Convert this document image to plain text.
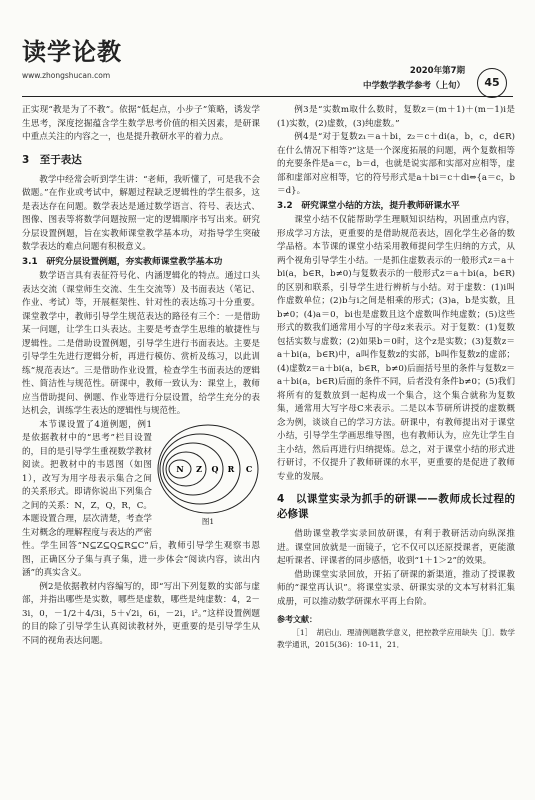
读学论教
www.zhongshucan.com	2020年第7期
中学数学教学参考（上旬）	45

正实现“教是为了不教”。依据“低起点，小步子”策略，诱发学生思考，深度挖掘蕴含学生数学思考价值的相关因素，是研课中重点关注的内容之一，也是提升教研水平的着力点。

3　至于表达

教学中经常会听到学生讲：“老师，我听懂了，可是我不会做题。”在作业或考试中，解题过程缺乏逻辑性的学生很多，这是表达存在问题。数学表达是通过数学语言、符号、表达式、图像、图表等将数学问题按照一定的逻辑顺序书写出来。研究分层设置例题，旨在实教师课堂教学基本功，对指导学生突破数学表达的难点问题有积极意义。

3.1　研究分层设置例题，夯实教师课堂教学基本功

数学语言具有表征符号化、内涵逻辑化的特点。通过口头表达交流（课堂师生交流、生生交流等）及书面表达（笔记、作业、考试）等，开展框架性、针对性的表达练习十分重要。课堂教学中，教师引导学生规范表达的路径有三个：一是借助某一问题，让学生口头表达。主要是考查学生思维的敏捷性与逻辑性。二是借助设置例题，引导学生进行书面表达。主要是引导学生先进行逻辑分析，再进行模仿、赏析及练习，以此训练“规范表达”。三是借助作业设置，检查学生书面表达的逻辑性、简洁性与规范性。研课中，教师一致认为：课堂上，教师应当借助提问、例题、作业等进行分层设置，给学生充分的表达机会，训练学生表达的逻辑性与规范性。

N Z Q R C
图1

本节课设置了4道例题，例1是依据教材中的“思考”栏目设置的，目的是引导学生重视数学教材阅读。把教材中的韦恩图（如图1），改写为用字母表示集合之间的关系形式。即请你说出下列集合之间的关系：N，Z，Q，R，C。本题设置合理，层次清楚，考查学生对概念的理解程度与表达的严密性。学生回答“N⊆Z⊆Q⊆R⊆C”后，教师引导学生观察韦恩图，正确区分子集与真子集，进一步体会“阅读内容，读出内涵”的真实含义。

例2是依据教材内容编写的，即“写出下列复数的实部与虚部，并指出哪些是实数，哪些是虚数，哪些是纯虚数：4，2－3i，0，－1/2＋4/3i，5＋√2i，6i，－2i，i²。”这样设置例题的目的除了引导学生认真阅读教材外，更重要的是引导学生从不同的视角表达问题。

例3是“实数m取什么数时，复数z＝(m＋1)＋(m－1)i是(1)实数，(2)虚数，(3)纯虚数。”

例4是“对于复数z₁＝a＋bi，z₂＝c＋di(a，b，c，d∈R)在什么情况下相等?”这是一个深度拓展的问题，两个复数相等的充要条件是a＝c，b＝d，也就是说实部和实部对应相等，虚部和虚部对应相等，它的符号形式是a＋bi＝c＋di⇔{a＝c，b＝d}。

3.2　研究课堂小结的方法，提升教师研课水平

课堂小结不仅能帮助学生理顺知识结构，巩固重点内容，形成学习方法，更重要的是借助规范表达，固化学生必备的数学品格。本节课的课堂小结采用教师提问学生归纳的方式，从两个视角引导学生小结。一是抓住虚数表示的一般形式z＝a＋bi(a，b∈R，b≠0)与复数表示的一般形式z＝a＋bi(a，b∈R)的区别和联系，引导学生进行辨析与小结。对于虚数：(1)i叫作虚数单位；(2)b与i之间是相乘的形式；(3)a，b是实数，且b≠0；(4)a＝0，bi也是虚数且这个虚数叫作纯虚数；(5)这些形式的数我们通常用小写的字母z来表示。对于复数：(1)复数包括实数与虚数；(2)如果b＝0时，这个z是实数；(3)复数z＝a＋bi(a，b∈R)中，a叫作复数z的实部，b叫作复数z的虚部；(4)虚数z＝a＋bi(a，b∈R，b≠0)后面括号里的条件与复数z＝a＋bi(a，b∈R)后面的条件不同，后者没有条件b≠0；(5)我们将所有的复数放到一起构成一个集合，这个集合就称为复数集，通常用大写字母C来表示。二是以本节研所讲授的虚数概念为例，谈谈自己的学习方法。研课中，有教师提出对于课堂小结，引导学生学画思维导图，也有教师认为，应先让学生自主小结，然后再进行归纳提炼。总之，对于课堂小结的形式进行研讨，不仅提升了教师研课的水平，更重要的是促进了教师专业的发展。

4　以课堂实录为抓手的研课——教师成长过程的必修课

借助课堂教学实录回放研课，有利于教研活动向纵深推进。课堂回放就是一面镜子，它不仅可以还原授课者，更能激起听课者、评课者的同步感悟，收到“1＋1＞2”的效果。

借助课堂实录回放，开拓了研课的新渠道，推动了授课教师的“课堂再认识”。将课堂实录、研课实录的文本写材料汇集成册，可以推动数学研课水平再上台阶。

参考文献：

［1］　胡启山．理清例题教学意义，把控教学应用缺失［J］．数学教学通讯，2015(36)：10-11，21．
